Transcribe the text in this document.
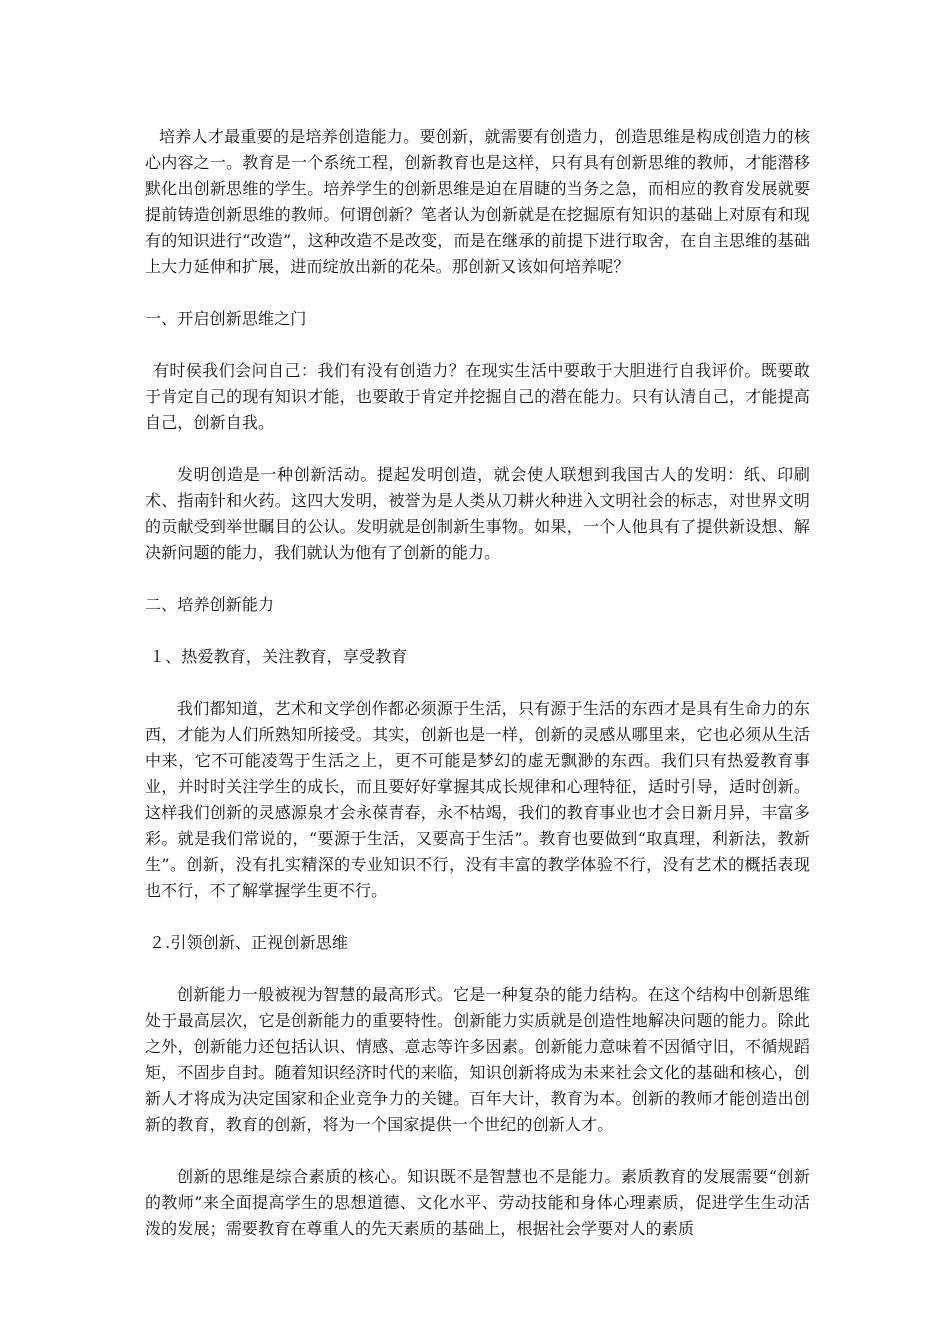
培养人才最重要的是培养创造能力。要创新，就需要有创造力，创造思维是构成创造力的核心内容之一。教育是一个系统工程，创新教育也是这样，只有具有创新思维的教师，才能潜移默化出创新思维的学生。培养学生的创新思维是迫在眉睫的当务之急，而相应的教育发展就要提前铸造创新思维的教师。何谓创新？笔者认为创新就是在挖掘原有知识的基础上对原有和现有的知识进行“改造”，这种改造不是改变，而是在继承的前提下进行取舍，在自主思维的基础上大力延伸和扩展，进而绽放出新的花朵。那创新又该如何培养呢？

一、开启创新思维之门

有时侯我们会问自己：我们有没有创造力？在现实生活中要敢于大胆进行自我评价。既要敢于肯定自己的现有知识才能，也要敢于肯定并挖掘自己的潜在能力。只有认清自己，才能提高自己，创新自我。

发明创造是一种创新活动。提起发明创造，就会使人联想到我国古人的发明：纸、印刷术、指南针和火药。这四大发明，被誉为是人类从刀耕火种进入文明社会的标志，对世界文明的贡献受到举世瞩目的公认。发明就是创制新生事物。如果，一个人他具有了提供新设想、解决新问题的能力，我们就认为他有了创新的能力。

二、培养创新能力

１、热爱教育，关注教育，享受教育

我们都知道，艺术和文学创作都必须源于生活，只有源于生活的东西才是具有生命力的东西，才能为人们所熟知所接受。其实，创新也是一样，创新的灵感从哪里来，它也必须从生活中来，它不可能凌驾于生活之上，更不可能是梦幻的虚无飘渺的东西。我们只有热爱教育事业，并时时关注学生的成长，而且要好好掌握其成长规律和心理特征，适时引导，适时创新。这样我们创新的灵感源泉才会永葆青春，永不枯竭，我们的教育事业也才会日新月异，丰富多彩。就是我们常说的，“要源于生活，又要高于生活”。教育也要做到“取真理，利新法，教新生”。创新，没有扎实精深的专业知识不行，没有丰富的教学体验不行，没有艺术的概括表现也不行，不了解掌握学生更不行。

２.引领创新、正视创新思维

创新能力一般被视为智慧的最高形式。它是一种复杂的能力结构。在这个结构中创新思维处于最高层次，它是创新能力的重要特性。创新能力实质就是创造性地解决问题的能力。除此之外，创新能力还包括认识、情感、意志等许多因素。创新能力意味着不因循守旧，不循规蹈矩，不固步自封。随着知识经济时代的来临，知识创新将成为未来社会文化的基础和核心，创新人才将成为决定国家和企业竞争力的关键。百年大计，教育为本。创新的教师才能创造出创新的教育，教育的创新，将为一个国家提供一个世纪的创新人才。

创新的思维是综合素质的核心。知识既不是智慧也不是能力。素质教育的发展需要“创新的教师”来全面提高学生的思想道德、文化水平、劳动技能和身体心理素质，促进学生生动活泼的发展；需要教育在尊重人的先天素质的基础上，根据社会学要对人的素质
